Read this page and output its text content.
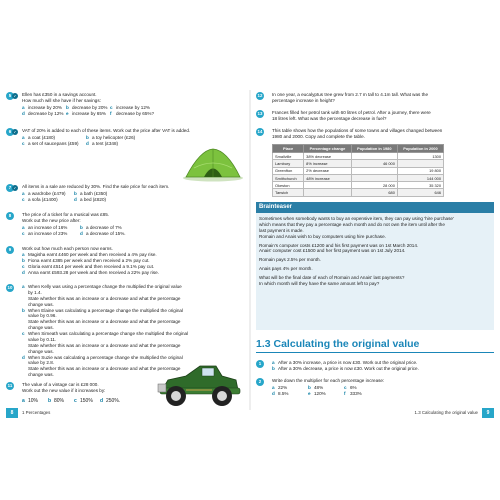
5 ✓	Ellen has £350 in a savings account.
How much will she have if her savings:
a increase by 20% b decrease by 20% c increase by 12%
d decrease by 12% e increase by 65% f decrease by 65%?
6 ✓	VAT of 20% is added to each of these items. Work out the price after VAT is added.
a a coat (£180)	b a toy helicopter (£26)
c a set of saucepans (£59) d a tent (£348)
7 ✓	All items in a sale are reduced by 30%. Find the sale price for each item.
a a wardrobe (£479) b a bath (£350)
c a sofa (£1400)	d a bed (£820)
8	The price of a ticket for a musical was £85.
Work out the new price after:
a an increase of 16%	b a decrease of 7%
c an increase of 23%	d a decrease of 15%.
9	Work out how much each person now earns.
a Magisha earnt £460 per week and then received a 4% pay rise.
b Fiona earnt £385 per week and then received a 2% pay cut.
c Gloria earnt £514 per week and then received a 9.1% pay cut.
d Anna earnt £593.28 per week and then received a 22% pay rise.
10	a When Kelly was using a percentage change the multiplied the original value
by 1.4.
State whether this was an increase or a decrease and what the percentage
change was.
b When Elaine was calculating a percentage change the multiplied the original
value by 0.96.
State whether this was an increase or a decrease and what the percentage
change was.
c When Simeath was calculating a percentage change she multiplied the original
value by 0.11.
State whether this was an increase or a decrease and what the percentage
change was.
d When Suzie was calculating a percentage change she multiplied the original
value by 2.8.
State whether this was an increase or a decrease and what the percentage
change was.
11	The value of a vintage car is £28 000.
Work out the new value if it increases by:
a 10% b 80% c 150% d 250%.
12	In one year, a eucalyptus tree grew from 2.7 m tall to 4.1m tall. What was the
percentage increase in height?
13	Frances filled her petrol tank with 60 litres of petrol. After a journey, there were
18 litres left. What was the percentage decrease in fuel?
14	This table shows how the populations of some towns and villages changed between
1980 and 2000. Copy and complete the table.
Place	Percentage change	Population in 1980	Population in 2000
Smallville	38% decrease		1300
Lambury	8% increase	46 000	
Greenfton	2% decrease		19 800
Smithchurch	48% increase		144 000
Okeston		28 000	35 320
Tarwich		680	646
Brainteaser

Sometimes when somebody wants to buy an expensive item, they can pay using 'hire purchase'
which means that they pay a percentage each month and do not own the item until after the
last payment is made.
Romain and Anais wish to buy computers using hire purchase.

Romain's computer costs £1200 and his first payment was on 1st March 2014.
Anais' computer cost £1500 and her first payment was on 1st July 2014.

Romain pays 2.5% per month.

Anais pays 4% per month.

What will be the final date of each of Romain and Anais' last payments?
In which month will they have the same amount left to pay?

1.3 Calculating the original value
1	a After a 30% increase, a price is now £30. Work out the original price.
b After a 30% decrease, a price is now £30. Work out the original price.
2	Write down the multiplier for each percentage increase:
a 22%	b 48%	c 6%
d 8.5%	e 120%	f 333%
8	1 Percentages	1.3 Calculating the original value	9
